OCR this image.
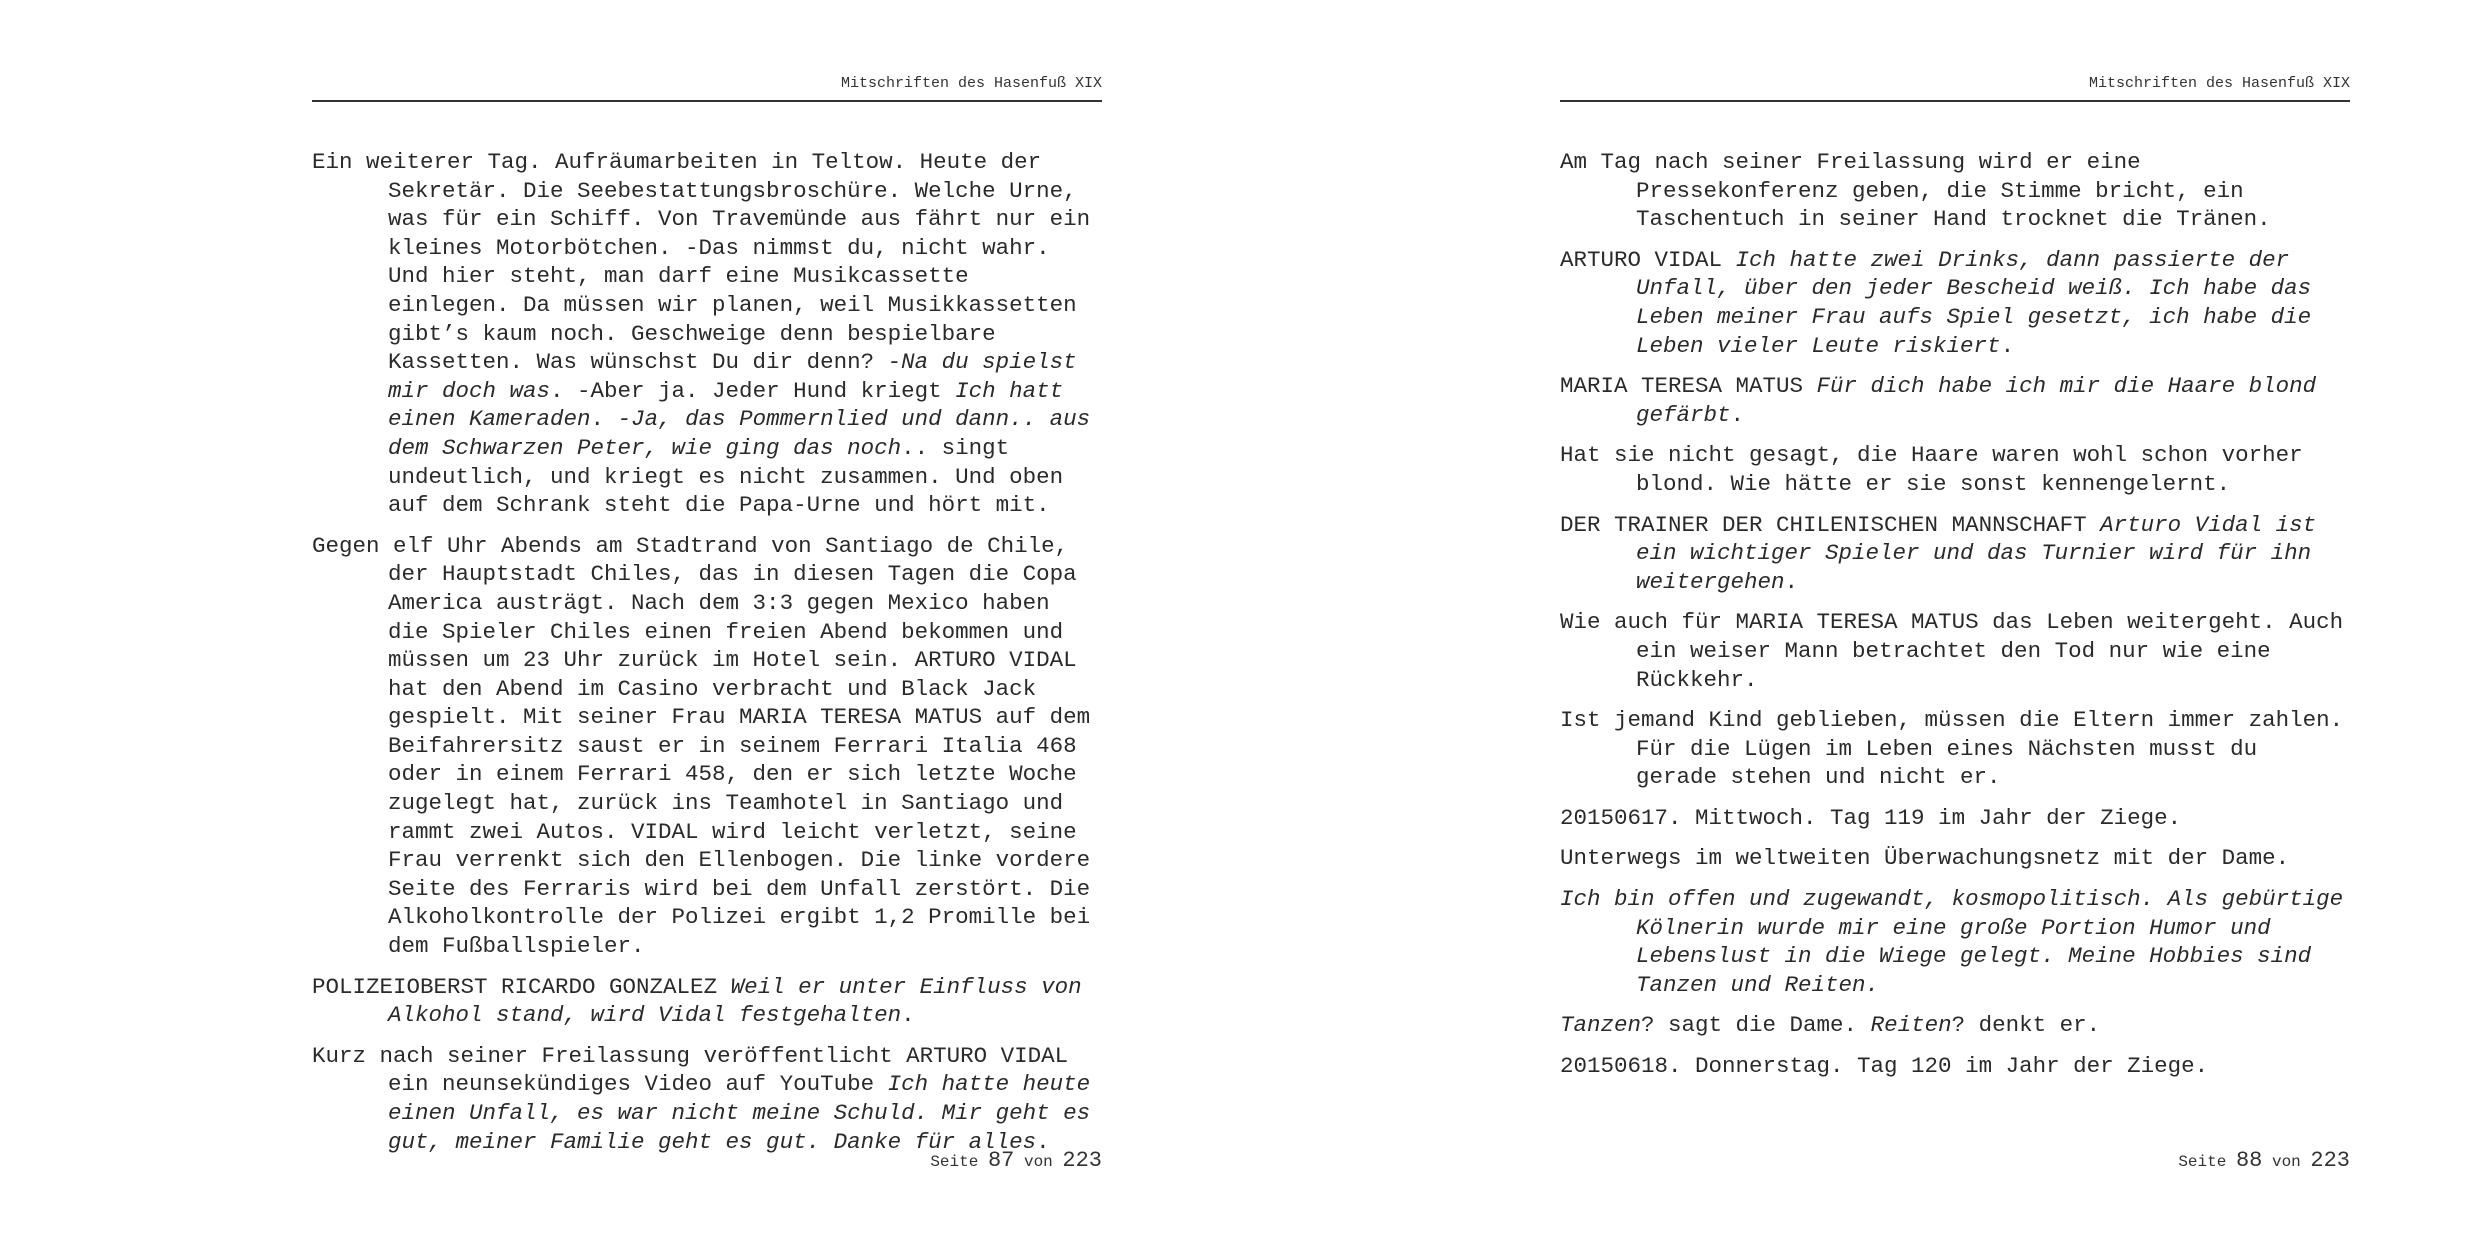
Mitschriften des Hasenfuß XIX

Ein weiterer Tag. Aufräumarbeiten in Teltow. Heute der Sekretär. Die Seebestattungsbroschüre. Welche Urne, was für ein Schiff. Von Travemünde aus fährt nur ein kleines Motorbötchen. -Das nimmst du, nicht wahr. Und hier steht, man darf eine Musikcassette einlegen. Da müssen wir planen, weil Musikkassetten gibt’s kaum noch. Geschweige denn bespielbare Kassetten. Was wünschst Du dir denn? -Na du spielst mir doch was. -Aber ja. Jeder Hund kriegt Ich hatt einen Kameraden. -Ja, das Pommernlied und dann.. aus dem Schwarzen Peter, wie ging das noch.. singt undeutlich, und kriegt es nicht zusammen. Und oben auf dem Schrank steht die Papa-Urne und hört mit.

Gegen elf Uhr Abends am Stadtrand von Santiago de Chile, der Hauptstadt Chiles, das in diesen Tagen die Copa America austrägt. Nach dem 3:3 gegen Mexico haben die Spieler Chiles einen freien Abend bekommen und müssen um 23 Uhr zurück im Hotel sein. ARTURO VIDAL hat den Abend im Casino verbracht und Black Jack gespielt. Mit seiner Frau MARIA TERESA MATUS auf dem Beifahrersitz saust er in seinem Ferrari Italia 468 oder in einem Ferrari 458, den er sich letzte Woche zugelegt hat, zurück ins Teamhotel in Santiago und rammt zwei Autos. VIDAL wird leicht verletzt, seine Frau verrenkt sich den Ellenbogen. Die linke vordere Seite des Ferraris wird bei dem Unfall zerstört. Die Alkoholkontrolle der Polizei ergibt 1,2 Promille bei dem Fußballspieler.

POLIZEIOBERST RICARDO GONZALEZ Weil er unter Einfluss von Alkohol stand, wird Vidal festgehalten.

Kurz nach seiner Freilassung veröffentlicht ARTURO VIDAL ein neunsekündiges Video auf YouTube Ich hatte heute einen Unfall, es war nicht meine Schuld. Mir geht es gut, meiner Familie geht es gut. Danke für alles.

Seite 87 von 223
Mitschriften des Hasenfuß XIX

Am Tag nach seiner Freilassung wird er eine Pressekonferenz geben, die Stimme bricht, ein Taschentuch in seiner Hand trocknet die Tränen.

ARTURO VIDAL Ich hatte zwei Drinks, dann passierte der Unfall, über den jeder Bescheid weiß. Ich habe das Leben meiner Frau aufs Spiel gesetzt, ich habe die Leben vieler Leute riskiert.

MARIA TERESA MATUS Für dich habe ich mir die Haare blond gefärbt.

Hat sie nicht gesagt, die Haare waren wohl schon vorher blond. Wie hätte er sie sonst kennengelernt.

DER TRAINER DER CHILENISCHEN MANNSCHAFT Arturo Vidal ist ein wichtiger Spieler und das Turnier wird für ihn weitergehen.

Wie auch für MARIA TERESA MATUS das Leben weitergeht. Auch ein weiser Mann betrachtet den Tod nur wie eine Rückkehr.

Ist jemand Kind geblieben, müssen die Eltern immer zahlen. Für die Lügen im Leben eines Nächsten musst du gerade stehen und nicht er.

20150617. Mittwoch. Tag 119 im Jahr der Ziege.

Unterwegs im weltweiten Überwachungsnetz mit der Dame.

Ich bin offen und zugewandt, kosmopolitisch. Als gebürtige Kölnerin wurde mir eine große Portion Humor und Lebenslust in die Wiege gelegt. Meine Hobbies sind Tanzen und Reiten.

Tanzen? sagt die Dame. Reiten? denkt er.

20150618. Donnerstag. Tag 120 im Jahr der Ziege.

Seite 88 von 223
